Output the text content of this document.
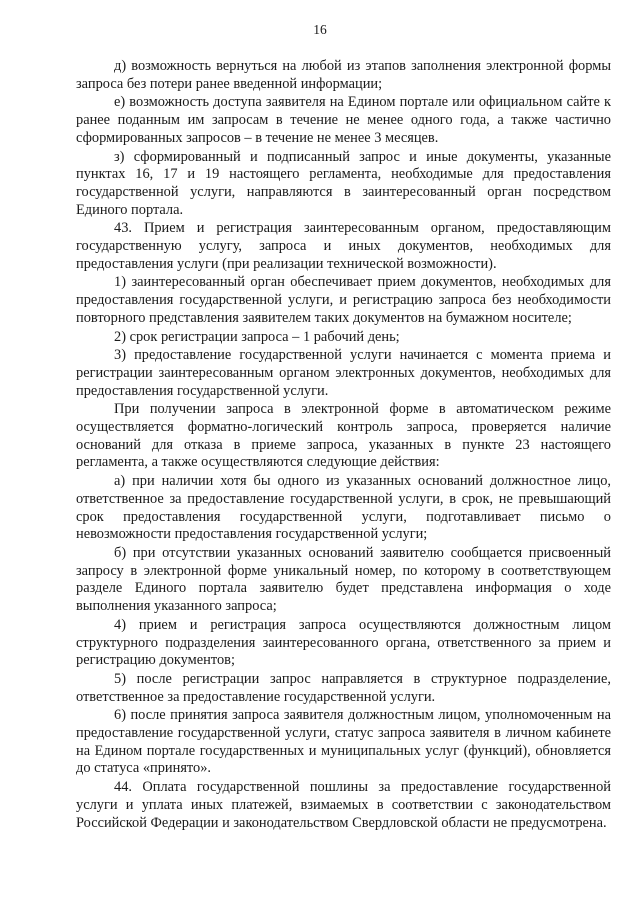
16

д) возможность вернуться на любой из этапов заполнения электронной формы запроса без потери ранее введенной информации;

е) возможность доступа заявителя на Едином портале или официальном сайте к ранее поданным им запросам в течение не менее одного года, а также частично сформированных запросов – в течение не менее 3 месяцев.

з) сформированный и подписанный запрос и иные документы, указанные пунктах 16, 17 и 19 настоящего регламента, необходимые для предоставления государственной услуги, направляются в заинтересованный орган посредством Единого портала.

43. Прием и регистрация заинтересованным органом, предоставляющим государственную услугу, запроса и иных документов, необходимых для предоставления услуги (при реализации технической возможности).

1) заинтересованный орган обеспечивает прием документов, необходимых для предоставления государственной услуги, и регистрацию запроса без необходимости повторного представления заявителем таких документов на бумажном носителе;

2) срок регистрации запроса – 1 рабочий день;

3) предоставление государственной услуги начинается с момента приема и регистрации заинтересованным органом электронных документов, необходимых для предоставления государственной услуги.

При получении запроса в электронной форме в автоматическом режиме осуществляется форматно-логический контроль запроса, проверяется наличие оснований для отказа в приеме запроса, указанных в пункте 23 настоящего регламента, а также осуществляются следующие действия:

а) при наличии хотя бы одного из указанных оснований должностное лицо, ответственное за предоставление государственной услуги, в срок, не превышающий срок предоставления государственной услуги, подготавливает письмо о невозможности предоставления государственной услуги;

б) при отсутствии указанных оснований заявителю сообщается присвоенный запросу в электронной форме уникальный номер, по которому в соответствующем разделе Единого портала заявителю будет представлена информация о ходе выполнения указанного запроса;

4) прием и регистрация запроса осуществляются должностным лицом структурного подразделения заинтересованного органа, ответственного за прием и регистрацию документов;

5) после регистрации запрос направляется в структурное подразделение, ответственное за предоставление государственной услуги.

6) после принятия запроса заявителя должностным лицом, уполномоченным на предоставление государственной услуги, статус запроса заявителя в личном кабинете на Едином портале государственных и муниципальных услуг (функций), обновляется до статуса «принято».

44. Оплата государственной пошлины за предоставление государственной услуги и уплата иных платежей, взимаемых в соответствии с законодательством Российской Федерации и законодательством Свердловской области не предусмотрена.
